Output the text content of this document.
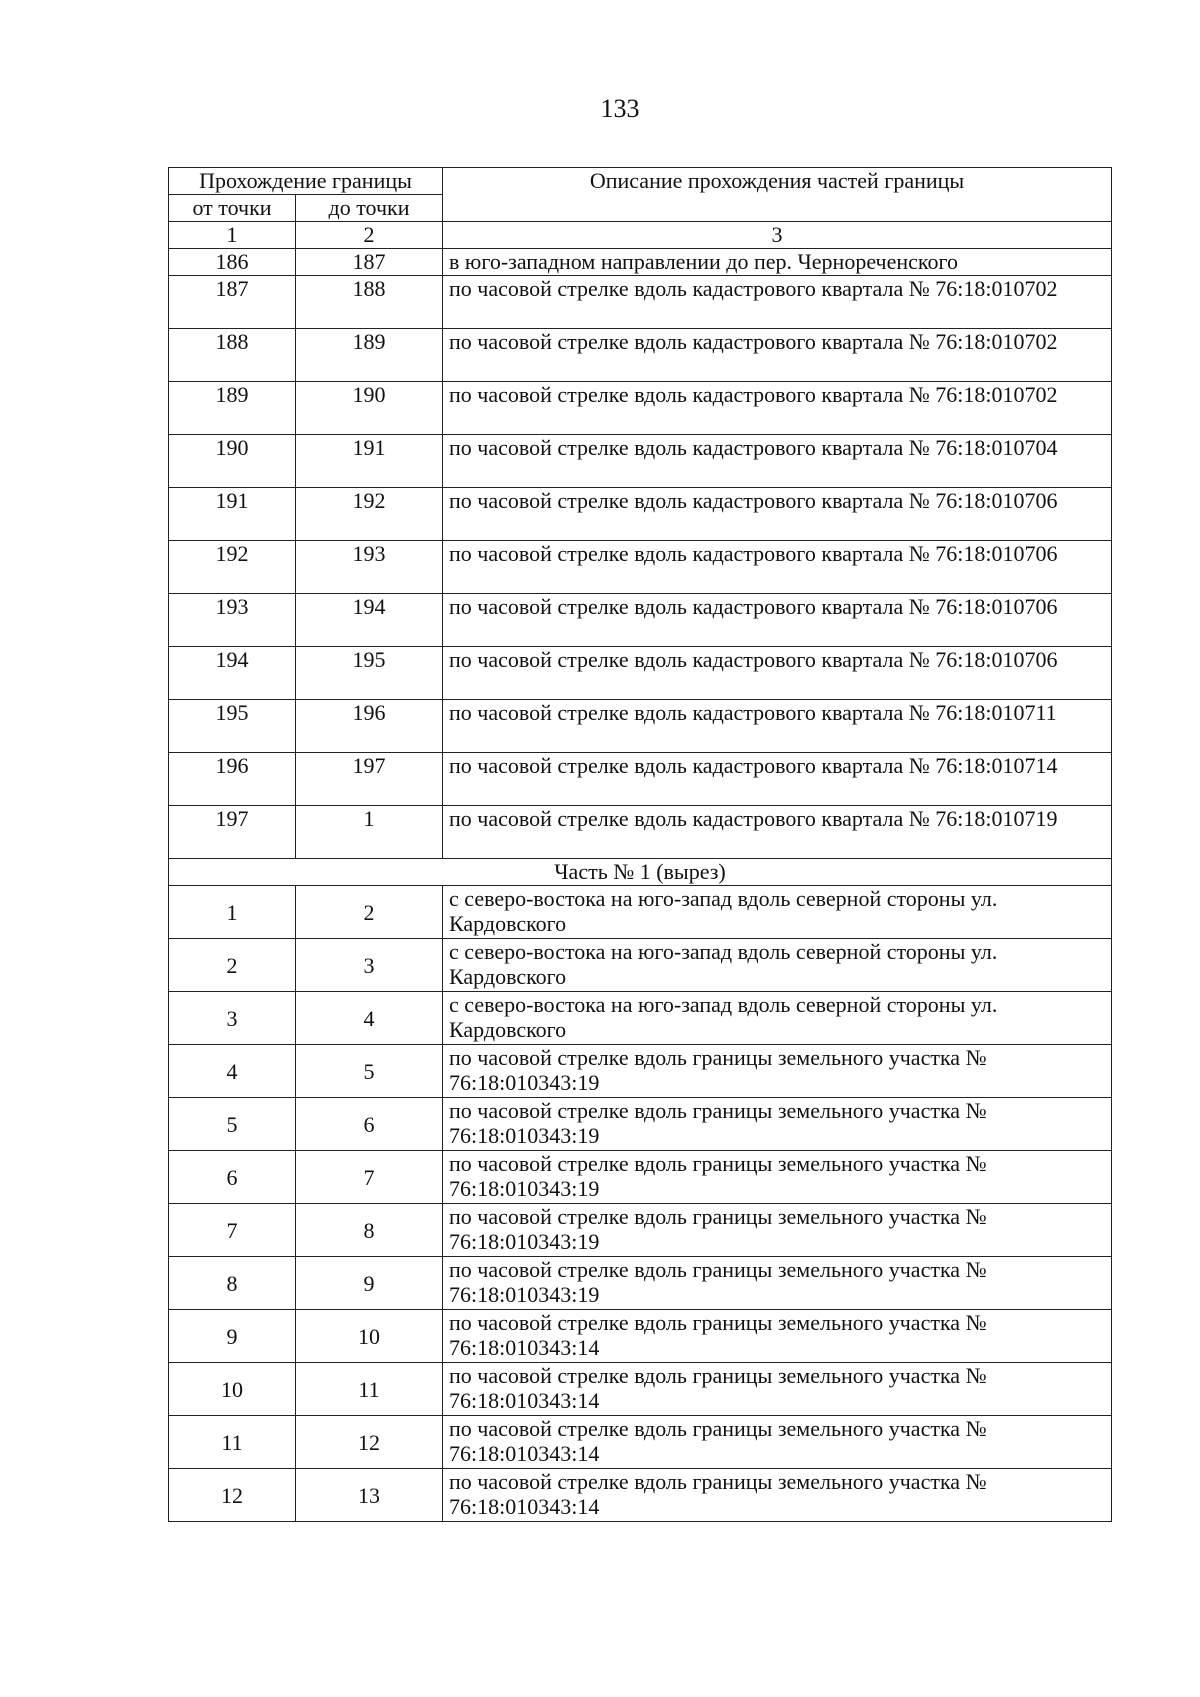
133
Прохождение границы		Описание прохождения частей границы
от точки	до точки	
1	2	3
186	187	в юго-западном направлении до пер. Чернореченского
187	188	по часовой стрелке вдоль кадастрового квартала № 76:18:010702
188	189	по часовой стрелке вдоль кадастрового квартала № 76:18:010702
189	190	по часовой стрелке вдоль кадастрового квартала № 76:18:010702
190	191	по часовой стрелке вдоль кадастрового квартала № 76:18:010704
191	192	по часовой стрелке вдоль кадастрового квартала № 76:18:010706
192	193	по часовой стрелке вдоль кадастрового квартала № 76:18:010706
193	194	по часовой стрелке вдоль кадастрового квартала № 76:18:010706
194	195	по часовой стрелке вдоль кадастрового квартала № 76:18:010706
195	196	по часовой стрелке вдоль кадастрового квартала № 76:18:010711
196	197	по часовой стрелке вдоль кадастрового квартала № 76:18:010714
197	1	по часовой стрелке вдоль кадастрового квартала № 76:18:010719
Часть № 1 (вырез)		
1	2	с северо-востока на юго-запад вдоль северной стороны ул. Кардовского
2	3	с северо-востока на юго-запад вдоль северной стороны ул. Кардовского
3	4	с северо-востока на юго-запад вдоль северной стороны ул. Кардовского
4	5	по часовой стрелке вдоль границы земельного участка № 76:18:010343:19
5	6	по часовой стрелке вдоль границы земельного участка № 76:18:010343:19
6	7	по часовой стрелке вдоль границы земельного участка № 76:18:010343:19
7	8	по часовой стрелке вдоль границы земельного участка № 76:18:010343:19
8	9	по часовой стрелке вдоль границы земельного участка № 76:18:010343:19
9	10	по часовой стрелке вдоль границы земельного участка № 76:18:010343:14
10	11	по часовой стрелке вдоль границы земельного участка № 76:18:010343:14
11	12	по часовой стрелке вдоль границы земельного участка № 76:18:010343:14
12	13	по часовой стрелке вдоль границы земельного участка № 76:18:010343:14
